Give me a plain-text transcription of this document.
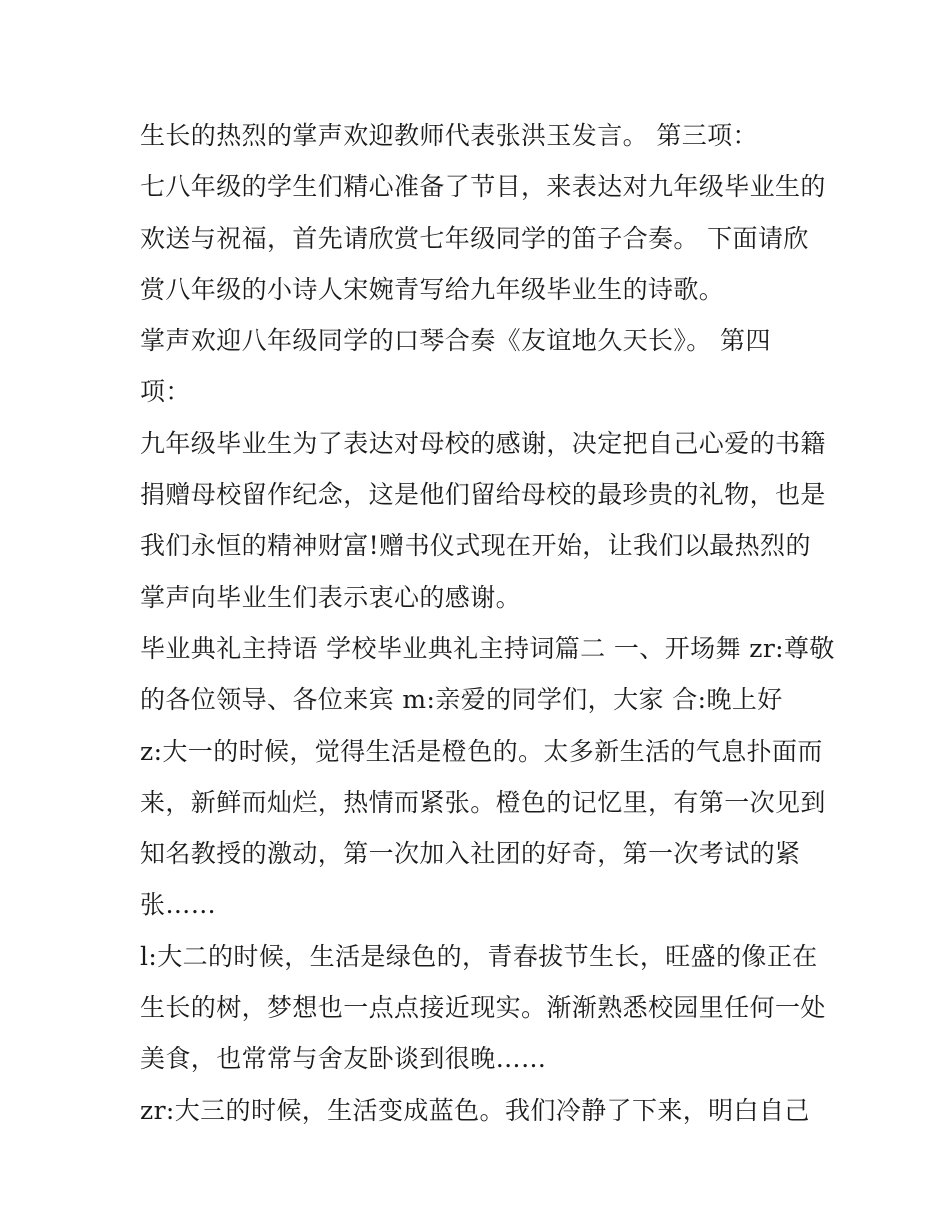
生长的热烈的掌声欢迎教师代表张洪玉发言。 第三项：
七八年级的学生们精心准备了节目，来表达对九年级毕业生的
欢送与祝福，首先请欣赏七年级同学的笛子合奏。 下面请欣
赏八年级的小诗人宋婉青写给九年级毕业生的诗歌。
掌声欢迎八年级同学的口琴合奏《友谊地久天长》。 第四
项：
九年级毕业生为了表达对母校的感谢，决定把自己心爱的书籍
捐赠母校留作纪念，这是他们留给母校的最珍贵的礼物，也是
我们永恒的精神财富!赠书仪式现在开始，让我们以最热烈的
掌声向毕业生们表示衷心的感谢。
毕业典礼主持语 学校毕业典礼主持词篇二 一、开场舞 zr:尊敬
的各位领导、各位来宾 m:亲爱的同学们，大家 合:晚上好
z:大一的时候，觉得生活是橙色的。太多新生活的气息扑面而
来，新鲜而灿烂，热情而紧张。橙色的记忆里，有第一次见到
知名教授的激动，第一次加入社团的好奇，第一次考试的紧
张……
l:大二的时候，生活是绿色的，青春拔节生长，旺盛的像正在
生长的树，梦想也一点点接近现实。渐渐熟悉校园里任何一处
美食，也常常与舍友卧谈到很晚……
zr:大三的时候，生活变成蓝色。我们冷静了下来，明白自己
